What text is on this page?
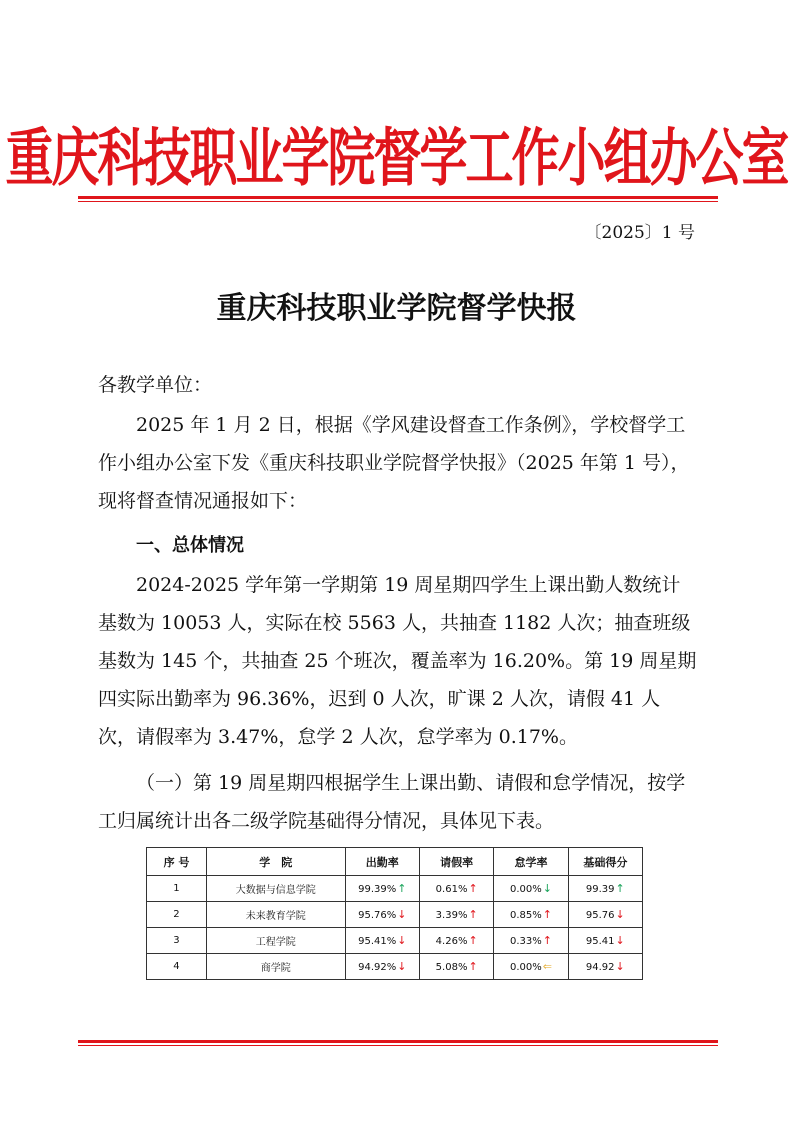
重庆科技职业学院督学工作小组办公室
〔2025〕1 号
重庆科技职业学院督学快报
各教学单位：
2025 年 1 月 2 日，根据《学风建设督查工作条例》，学校督学工作小组办公室下发《重庆科技职业学院督学快报》（2025 年第 1 号），现将督查情况通报如下：
一、总体情况
2024-2025 学年第一学期第 19 周星期四学生上课出勤人数统计基数为 10053 人，实际在校 5563 人，共抽查 1182 人次；抽查班级基数为 145 个，共抽查 25 个班次，覆盖率为 16.20%。第 19 周星期四实际出勤率为 96.36%，迟到 0 人次，旷课 2 人次，请假 41 人次，请假率为 3.47%，怠学 2 人次，怠学率为 0.17%。
（一）第 19 周星期四根据学生上课出勤、请假和怠学情况，按学工归属统计出各二级学院基础得分情况，具体见下表。
序 号	学　院	出勤率	请假率	怠学率	基础得分
1	大数据与信息学院	99.39%↑	0.61%↑	0.00%↓	99.39↑
2	未来教育学院	95.76%↓	3.39%↑	0.85%↑	95.76↓
3	工程学院	95.41%↓	4.26%↑	0.33%↑	95.41↓
4	商学院	94.92%↓	5.08%↑	0.00%⇐	94.92↓
